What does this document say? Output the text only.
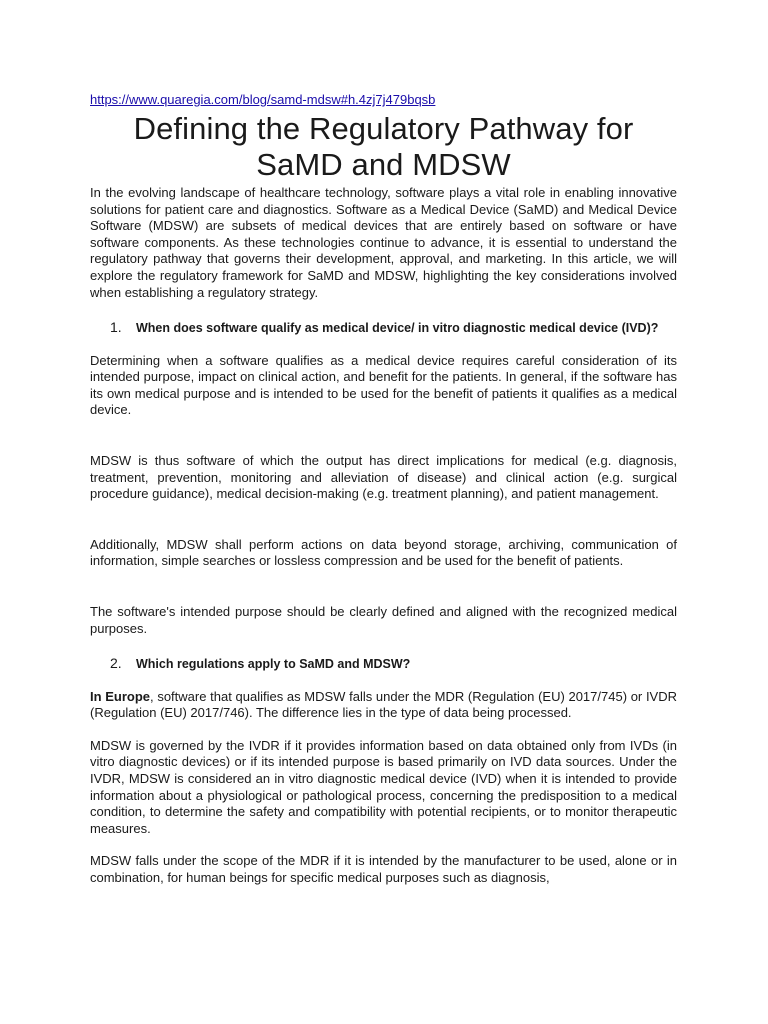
https://www.quaregia.com/blog/samd-mdsw#h.4zj7j479bqsb
Defining the Regulatory Pathway for
SaMD and MDSW

In the evolving landscape of healthcare technology, software plays a vital role in enabling innovative solutions for patient care and diagnostics. Software as a Medical Device (SaMD) and Medical Device Software (MDSW) are subsets of medical devices that are entirely based on software or have software components. As these technologies continue to advance, it is essential to understand the regulatory pathway that governs their development, approval, and marketing. In this article, we will explore the regulatory framework for SaMD and MDSW, highlighting the key considerations involved when establishing a regulatory strategy.

1. When does software qualify as medical device/ in vitro diagnostic medical device (IVD)?

Determining when a software qualifies as a medical device requires careful consideration of its intended purpose, impact on clinical action, and benefit for the patients. In general, if the software has its own medical purpose and is intended to be used for the benefit of patients it qualifies as a medical device.

MDSW is thus software of which the output has direct implications for medical (e.g. diagnosis, treatment, prevention, monitoring and alleviation of disease) and clinical action (e.g. surgical procedure guidance), medical decision-making (e.g. treatment planning), and patient management.

Additionally, MDSW shall perform actions on data beyond storage, archiving, communication of information, simple searches or lossless compression and be used for the benefit of patients.

The software's intended purpose should be clearly defined and aligned with the recognized medical purposes.

2. Which regulations apply to SaMD and MDSW?

In Europe, software that qualifies as MDSW falls under the MDR (Regulation (EU) 2017/745) or IVDR (Regulation (EU) 2017/746). The difference lies in the type of data being processed.

MDSW is governed by the IVDR if it provides information based on data obtained only from IVDs (in vitro diagnostic devices) or if its intended purpose is based primarily on IVD data sources. Under the IVDR, MDSW is considered an in vitro diagnostic medical device (IVD) when it is intended to provide information about a physiological or pathological process, concerning the predisposition to a medical condition, to determine the safety and compatibility with potential recipients, or to monitor therapeutic measures.

MDSW falls under the scope of the MDR if it is intended by the manufacturer to be used, alone or in combination, for human beings for specific medical purposes such as diagnosis,
